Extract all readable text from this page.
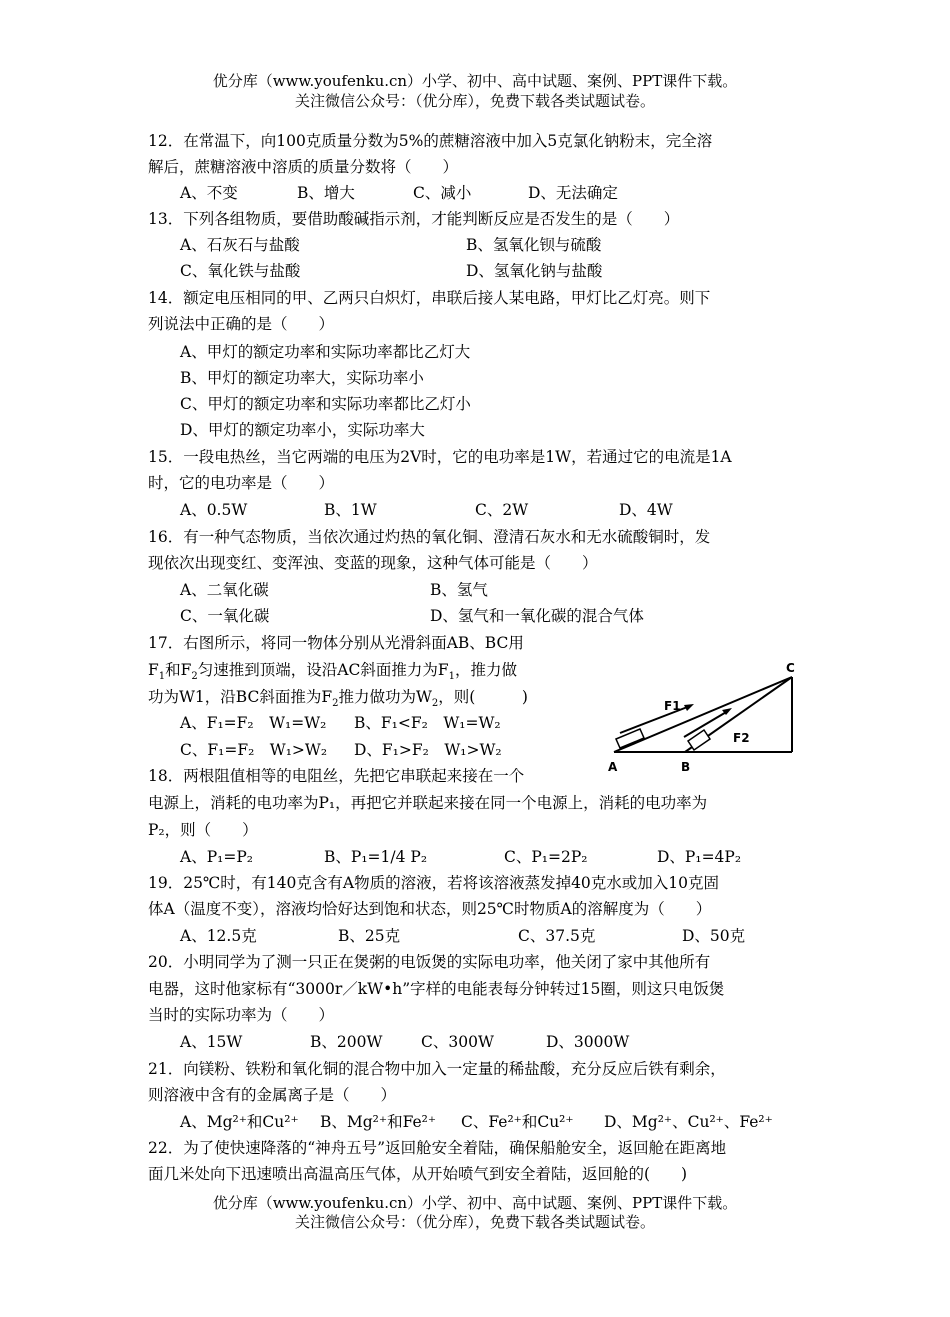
优分库（www.youfenku.cn）小学、初中、高中试题、案例、PPT课件下载。
关注微信公众号：（优分库），免费下载各类试题试卷。
12．在常温下，向100克质量分数为5%的蔗糖溶液中加入5克氯化钠粉末，完全溶
解后，蔗糖溶液中溶质的质量分数将（　　）
A、不变	B、增大	C、减小	D、无法确定
13．下列各组物质，要借助酸碱指示剂，才能判断反应是否发生的是（　　）
A、石灰石与盐酸	B、氢氧化钡与硫酸
C、氧化铁与盐酸	D、氢氧化钠与盐酸
14．额定电压相同的甲、乙两只白炽灯，串联后接人某电路，甲灯比乙灯亮。则下
列说法中正确的是（　　）
A、甲灯的额定功率和实际功率都比乙灯大
B、甲灯的额定功率大，实际功率小
C、甲灯的额定功率和实际功率都比乙灯小
D、甲灯的额定功率小，实际功率大
15．一段电热丝，当它两端的电压为2V时，它的电功率是1W，若通过它的电流是1A
时，它的电功率是（　　）
A、0.5W	B、1W	C、2W	D、4W
16．有一种气态物质，当依次通过灼热的氧化铜、澄清石灰水和无水硫酸铜时，发
现依次出现变红、变浑浊、变蓝的现象，这种气体可能是（　　）
A、二氧化碳	B、氢气
C、一氧化碳	D、氢气和一氧化碳的混合气体
17．右图所示，将同一物体分别从光滑斜面AB、BC用
$F_1$和$F_2$匀速推到顶端，设沿AC斜面推力为$F_1$，推力做
功为W1，沿BC斜面推为$F_2$推力做功为$W_2$，则(　　　)
A、F₁=F₂　W₁=W₂ B、F₁<F₂　W₁=W₂
C、F₁=F₂　W₁>W₂ D、F₁>F₂　W₁>W₂
A	B
C
F1
F2
18．两根阻值相等的电阻丝，先把它串联起来接在一个
电源上，消耗的电功率为P₁，再把它并联起来接在同一个电源上，消耗的电功率为
P₂，则（　　）
A、P₁=P₂	B、P₁=1/4 P₂	C、P₁=2P₂	D、P₁=4P₂
19．25℃时，有140克含有A物质的溶液，若将该溶液蒸发掉40克水或加入10克固
体A（温度不变），溶液均恰好达到饱和状态，则25℃时物质A的溶解度为（　　）
A、12.5克	B、25克	C、37.5克	D、50克
20．小明同学为了测一只正在煲粥的电饭煲的实际电功率，他关闭了家中其他所有
电器，这时他家标有“3000r／kW•h”字样的电能表每分钟转过15圈，则这只电饭煲
当时的实际功率为（　　）
A、15W	B、200W C、300W	D、3000W
21．向镁粉、铁粉和氧化铜的混合物中加入一定量的稀盐酸，充分反应后铁有剩余，
则溶液中含有的金属离子是（　　）
A、Mg²⁺和Cu²⁺ B、Mg²⁺和Fe²⁺ C、Fe²⁺和Cu²⁺ D、Mg²⁺、Cu²⁺、Fe²⁺
22．为了使快速降落的“神舟五号”返回舱安全着陆，确保船舱安全，返回舱在距离地
面几米处向下迅速喷出高温高压气体，从开始喷气到安全着陆，返回舱的(　　)
优分库（www.youfenku.cn）小学、初中、高中试题、案例、PPT课件下载。
关注微信公众号：（优分库），免费下载各类试题试卷。
